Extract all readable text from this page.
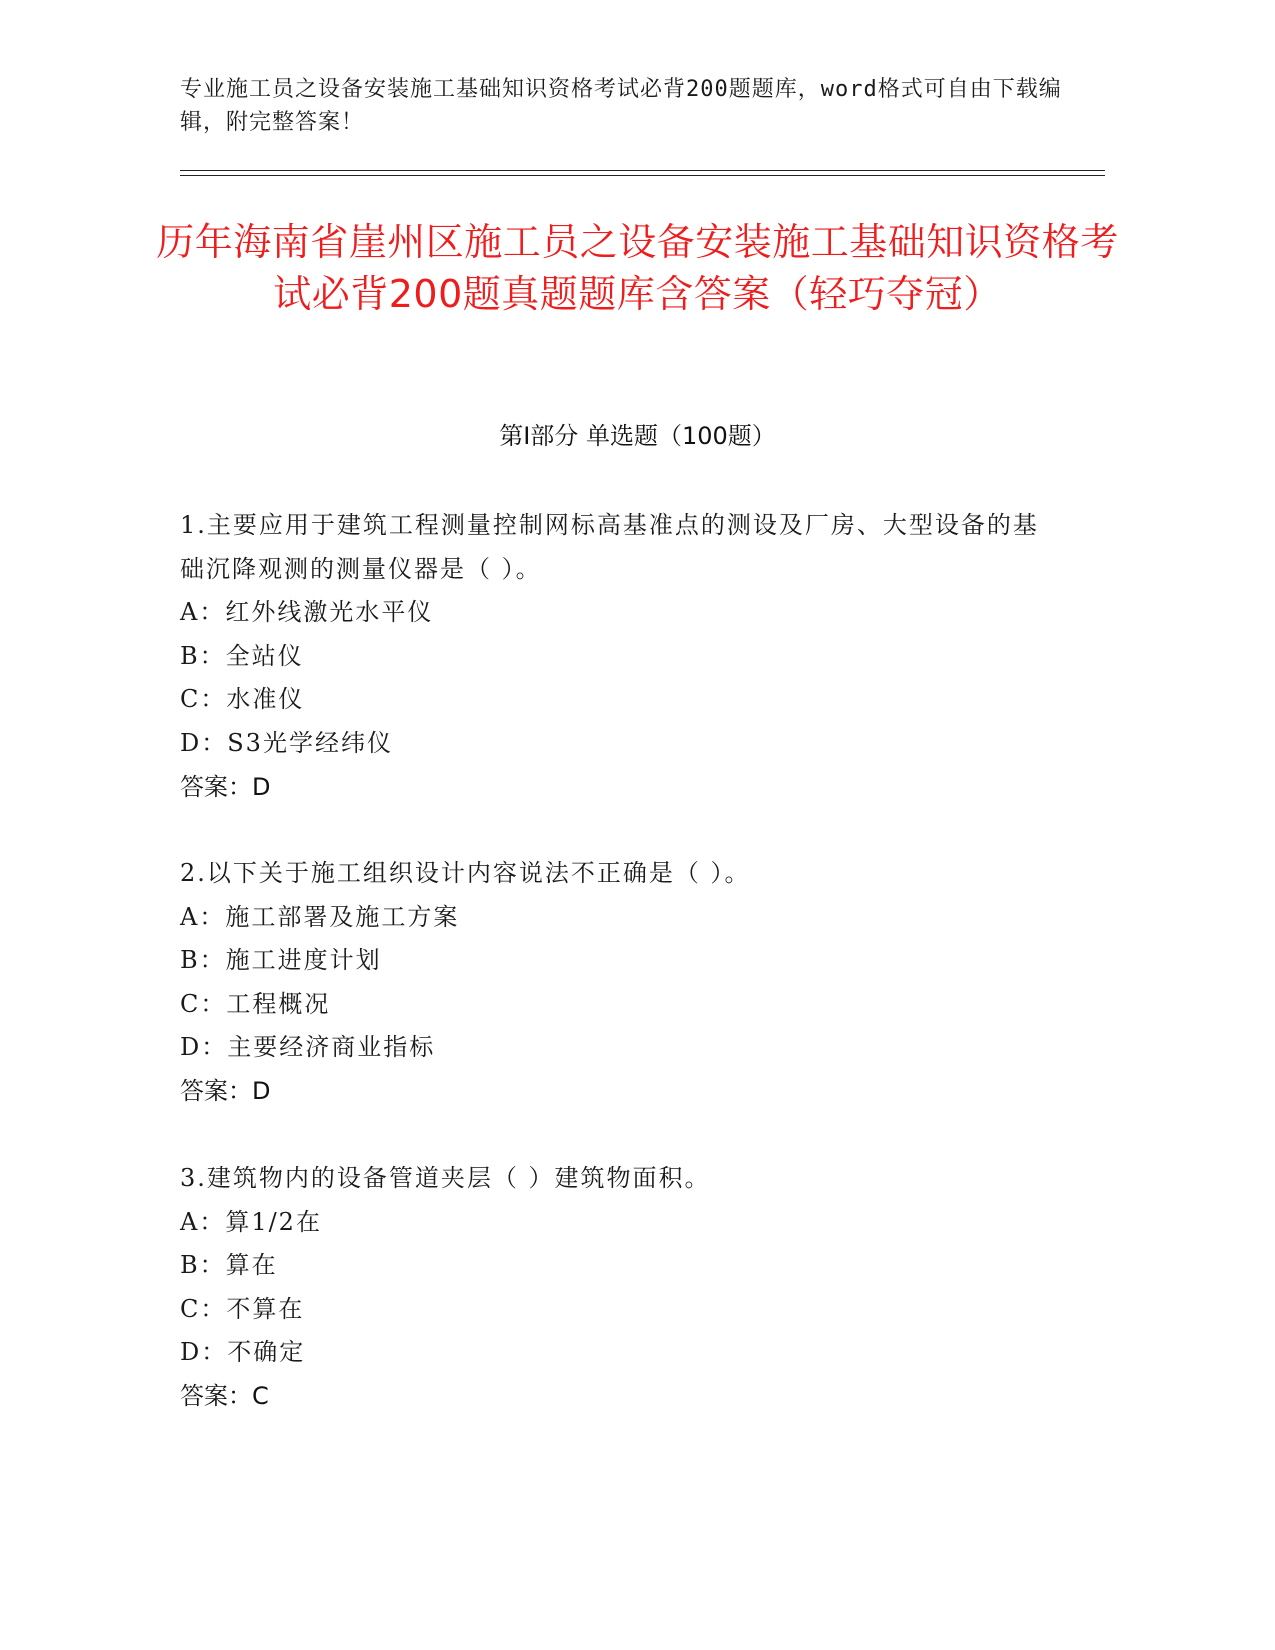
专业施工员之设备安装施工基础知识资格考试必背200题题库，word格式可自由下载编辑，附完整答案！
历年海南省崖州区施工员之设备安装施工基础知识资格考试必背200题真题题库含答案（轻巧夺冠）
第Ⅰ部分 单选题（100题）
1.主要应用于建筑工程测量控制网标高基准点的测设及厂房、大型设备的基础沉降观测的测量仪器是（ ）。
A：红外线激光水平仪
B：全站仪
C：水准仪
D：S3光学经纬仪
答案：D
2.以下关于施工组织设计内容说法不正确是（ ）。
A：施工部署及施工方案
B：施工进度计划
C：工程概况
D：主要经济商业指标
答案：D
3.建筑物内的设备管道夹层（ ）建筑物面积。
A：算1/2在
B：算在
C：不算在
D：不确定
答案：C
